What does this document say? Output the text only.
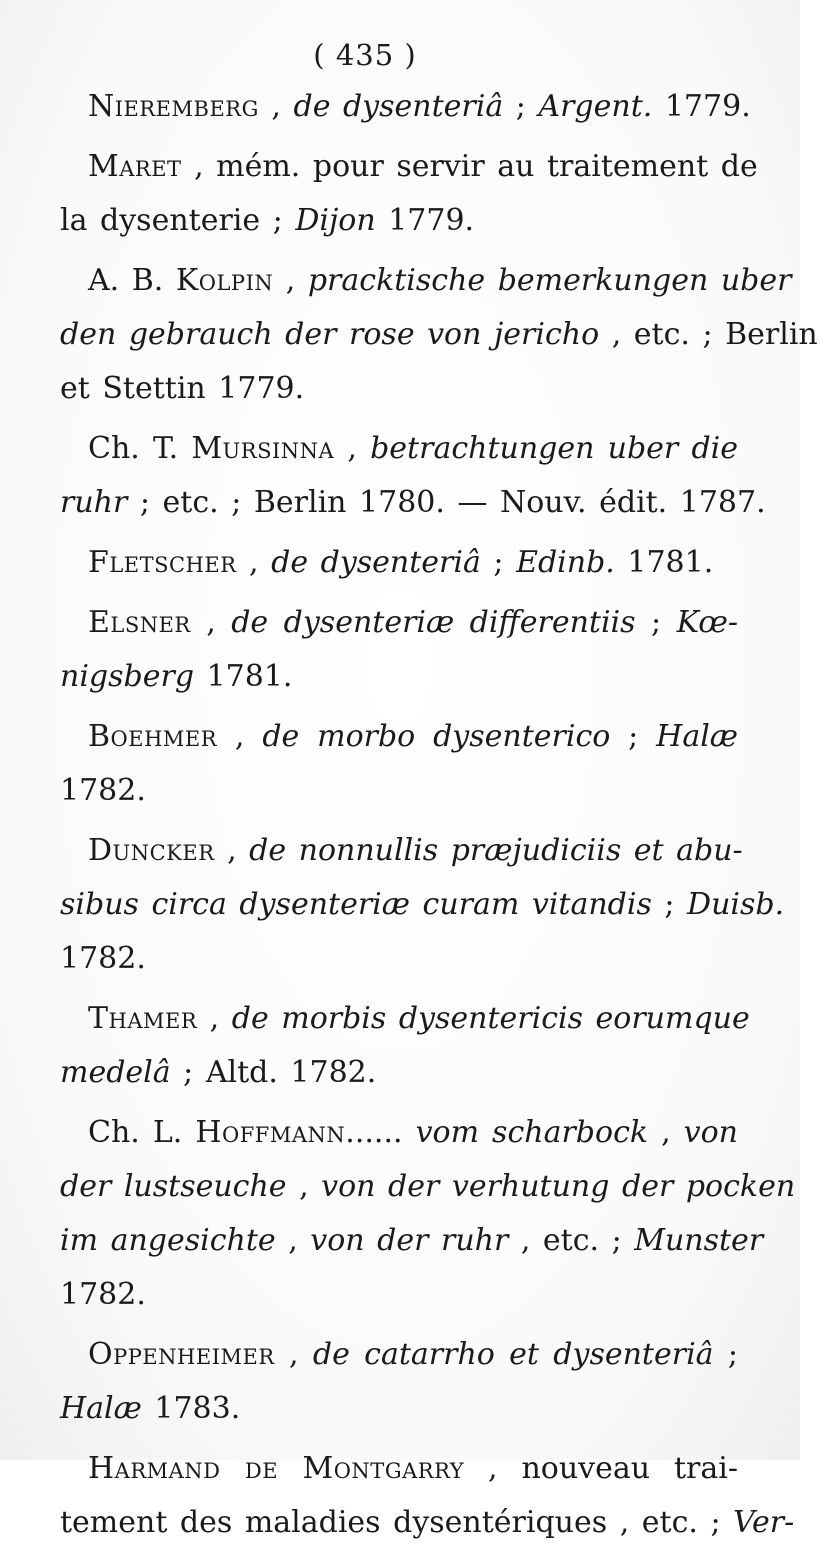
( 435 )
Nieremberg , de dysenteriâ ; Argent. 1779.
Maret , mém. pour servir au traitement de
la dysenterie ; Dijon 1779.
A. B. Kolpin , pracktische bemerkungen uber
den gebrauch der rose von jericho , etc. ; Berlin
et Stettin 1779.
Ch. T. Mursinna , betrachtungen uber die
ruhr ; etc. ; Berlin 1780. — Nouv. édit. 1787.
Fletscher , de dysenteriâ ; Edinb. 1781.
Elsner , de dysenteriæ differentiis ; Kœ-
nigsberg 1781.
Boehmer , de morbo dysenterico ; Halæ
1782.
Duncker , de nonnullis præjudiciis et abu-
sibus circa dysenteriæ curam vitandis ; Duisb.
1782.
Thamer , de morbis dysentericis eorumque
medelâ ; Altd. 1782.
Ch. L. Hoffmann...... vom scharbock , von
der lustseuche , von der verhutung der pocken
im angesichte , von der ruhr , etc. ; Munster
1782.
Oppenheimer , de catarrho et dysenteriâ ;
Halæ 1783.
Harmand de Montgarry , nouveau trai-
tement des maladies dysentériques , etc. ; Ver-
